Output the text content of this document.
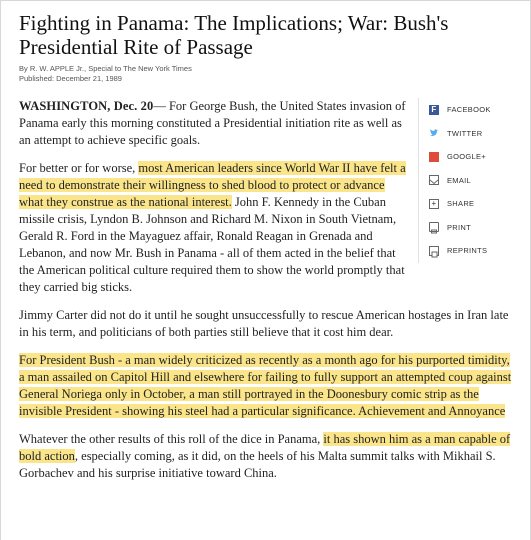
Fighting in Panama: The Implications; War: Bush's Presidential Rite of Passage
By R. W. APPLE Jr., Special to The New York Times
Published: December 21, 1989
F	FACEBOOK
TWITTER
GOOGLE+
EMAIL
+	SHARE
PRINT
REPRINTS

WASHINGTON, Dec. 20— For George Bush, the United States invasion of Panama early this morning constituted a Presidential initiation rite as well as an attempt to achieve specific goals.

For better or for worse, most American leaders since World War II have felt a need to demonstrate their willingness to shed blood to protect or advance what they construe as the national interest. John F. Kennedy in the Cuban missile crisis, Lyndon B. Johnson and Richard M. Nixon in South Vietnam, Gerald R. Ford in the Mayaguez affair, Ronald Reagan in Grenada and Lebanon, and now Mr. Bush in Panama - all of them acted in the belief that the American political culture required them to show the world promptly that they carried big sticks.

Jimmy Carter did not do it until he sought unsuccessfully to rescue American hostages in Iran late in his term, and politicians of both parties still believe that it cost him dear.

For President Bush - a man widely criticized as recently as a month ago for his purported timidity, a man assailed on Capitol Hill and elsewhere for failing to fully support an attempted coup against General Noriega only in October, a man still portrayed in the Doonesbury comic strip as the invisible President - showing his steel had a particular significance. Achievement and Annoyance

Whatever the other results of this roll of the dice in Panama, it has shown him as a man capable of bold action, especially coming, as it did, on the heels of his Malta summit talks with Mikhail S. Gorbachev and his surprise initiative toward China.
